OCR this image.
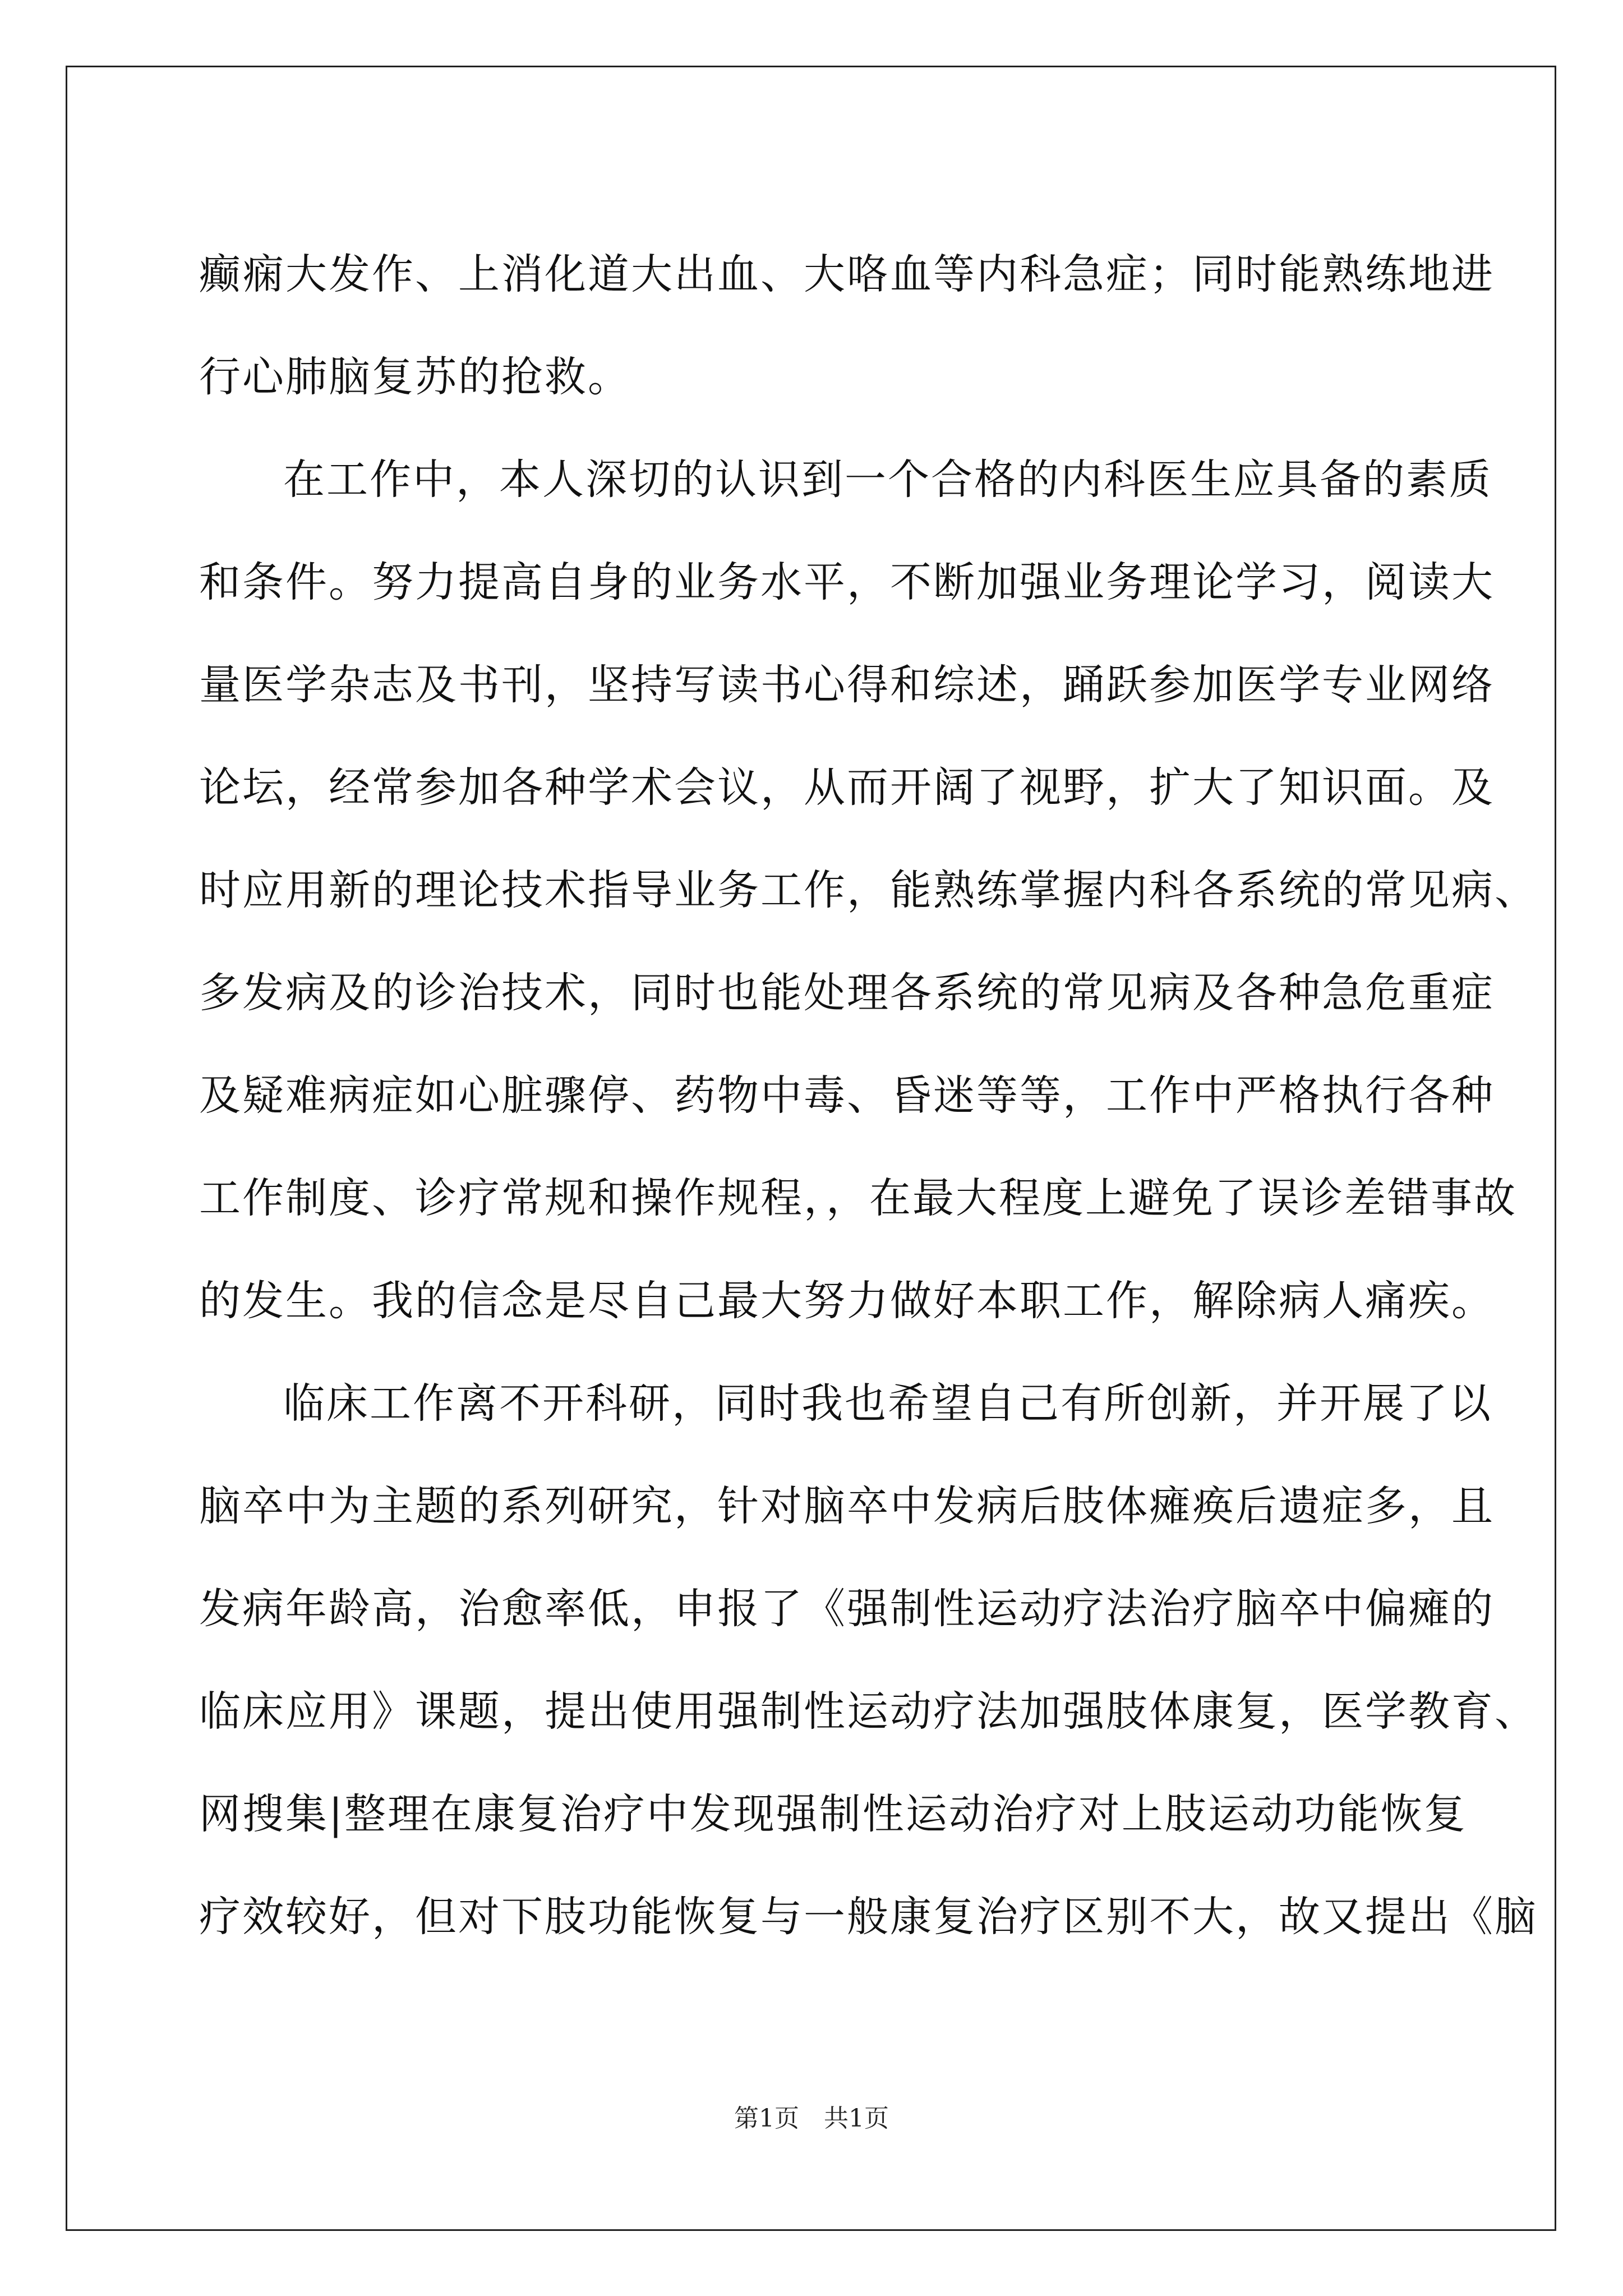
癫痫大发作、上消化道大出血、大咯血等内科急症；同时能熟练地进
行心肺脑复苏的抢救。
在工作中，本人深切的认识到一个合格的内科医生应具备的素质
和条件。努力提高自身的业务水平，不断加强业务理论学习，阅读大
量医学杂志及书刊，坚持写读书心得和综述，踊跃参加医学专业网络
论坛，经常参加各种学术会议，从而开阔了视野，扩大了知识面。及
时应用新的理论技术指导业务工作，能熟练掌握内科各系统的常见病、
多发病及的诊治技术，同时也能处理各系统的常见病及各种急危重症
及疑难病症如心脏骤停、药物中毒、昏迷等等，工作中严格执行各种
工作制度、诊疗常规和操作规程，，在最大程度上避免了误诊差错事故
的发生。我的信念是尽自己最大努力做好本职工作，解除病人痛疾。
临床工作离不开科研，同时我也希望自己有所创新，并开展了以
脑卒中为主题的系列研究，针对脑卒中发病后肢体瘫痪后遗症多，且
发病年龄高，治愈率低，申报了《强制性运动疗法治疗脑卒中偏瘫的
临床应用》课题，提出使用强制性运动疗法加强肢体康复，医学教育、
网搜集|整理在康复治疗中发现强制性运动治疗对上肢运动功能恢复
疗效较好，但对下肢功能恢复与一般康复治疗区别不大，故又提出《脑
第1页　共1页
